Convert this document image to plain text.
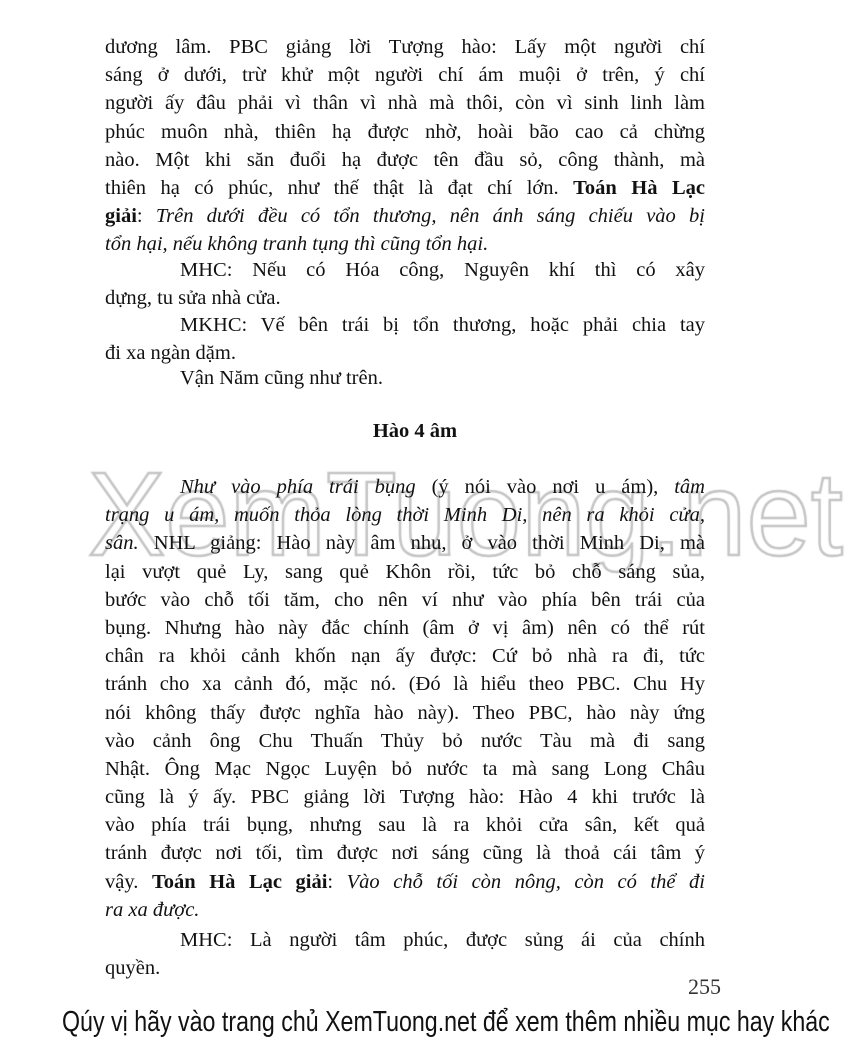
dương lâm. PBC giảng lời Tượng hào: Lấy một người chí
sáng ở dưới, trừ khử một người chí ám muội ở trên, ý chí
người ấy đâu phải vì thân vì nhà mà thôi, còn vì sinh linh làm
phúc muôn nhà, thiên hạ được nhờ, hoài bão cao cả chừng
nào. Một khi săn đuổi hạ được tên đầu sỏ, công thành, mà
thiên hạ có phúc, như thế thật là đạt chí lớn. Toán Hà Lạc
giải: Trên dưới đều có tổn thương, nên ánh sáng chiếu vào bị
tổn hại, nếu không tranh tụng thì cũng tổn hại.
MHC: Nếu có Hóa công, Nguyên khí thì có xây
dựng, tu sửa nhà cửa.
MKHC: Vế bên trái bị tổn thương, hoặc phải chia tay
đi xa ngàn dặm.
Vận Năm cũng như trên.
Hào 4 âm
Như vào phía trái bụng (ý nói vào nơi u ám), tâm
trạng u ám, muốn thỏa lòng thời Minh Di, nên ra khỏi cửa,
sân. NHL giảng: Hào này âm nhu, ở vào thời Minh Di, mà
lại vượt quẻ Ly, sang quẻ Khôn rồi, tức bỏ chỗ sáng sủa,
bước vào chỗ tối tăm, cho nên ví như vào phía bên trái của
bụng. Nhưng hào này đắc chính (âm ở vị âm) nên có thể rút
chân ra khỏi cảnh khốn nạn ấy được: Cứ bỏ nhà ra đi, tức
tránh cho xa cảnh đó, mặc nó. (Đó là hiểu theo PBC. Chu Hy
nói không thấy được nghĩa hào này). Theo PBC, hào này ứng
vào cảnh ông Chu Thuấn Thủy bỏ nước Tàu mà đi sang
Nhật. Ông Mạc Ngọc Luyện bỏ nước ta mà sang Long Châu
cũng là ý ấy. PBC giảng lời Tượng hào: Hào 4 khi trước là
vào phía trái bụng, nhưng sau là ra khỏi cửa sân, kết quả
tránh được nơi tối, tìm được nơi sáng cũng là thoả cái tâm ý
vậy. Toán Hà Lạc giải: Vào chỗ tối còn nông, còn có thể đi
ra xa được.
MHC: Là người tâm phúc, được sủng ái của chính
quyền.
255
Qúy vị hãy vào trang chủ XemTuong.net để xem thêm nhiều mục hay khác
